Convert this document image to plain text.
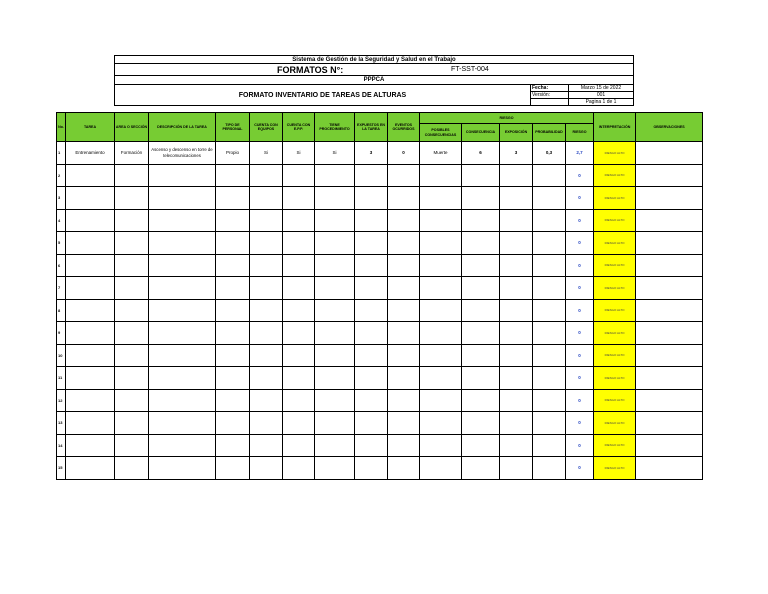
Sistema de Gestión de la Seguridad y Salud en el Trabajo		

FORMATOS N°: FT-SST-004		

PPPCA		
FORMATO INVENTARIO DE TAREAS DE ALTURAS	Fecha:	Marzo 15 de 2022
	Versión:	001
		Pagina 1 de 1
No.	TAREA	AREA O SECCIÓN	DESCRIPCIÓN DE LA TAREA	TIPO DE PERSONAL	CUENTA CON EQUIPOS	CUENTA CON E.P.P.	TIENE PROCEDIMIENTO	EXPUESTOS EN LA TAREA	EVENTOS OCURRIDOS	RIESGO					INTERPRETACIÓN	OBSERVACIONES
										POSIBLES CONSECUENCIAS	CONSECUENCIA	EXPOSICIÓN	PROBABILIDAD	RIESGO		
1	Entrenamiento	Formación	Ascenso y descenso en torre de telecomunicaciones	Propio	Si	Si	Si	3	0	Muerte	6	3	0,3	2,7	RIESGO ALTO	
2														0	RIESGO ALTO	
3														0	RIESGO ALTO	
4														0	RIESGO ALTO	
5														0	RIESGO ALTO	
6														0	RIESGO ALTO	
7														0	RIESGO ALTO	
8														0	RIESGO ALTO	
9														0	RIESGO ALTO	
10														0	RIESGO ALTO	
11														0	RIESGO ALTO	
12														0	RIESGO ALTO	
13														0	RIESGO ALTO	
14														0	RIESGO ALTO	
15														0	RIESGO ALTO	
